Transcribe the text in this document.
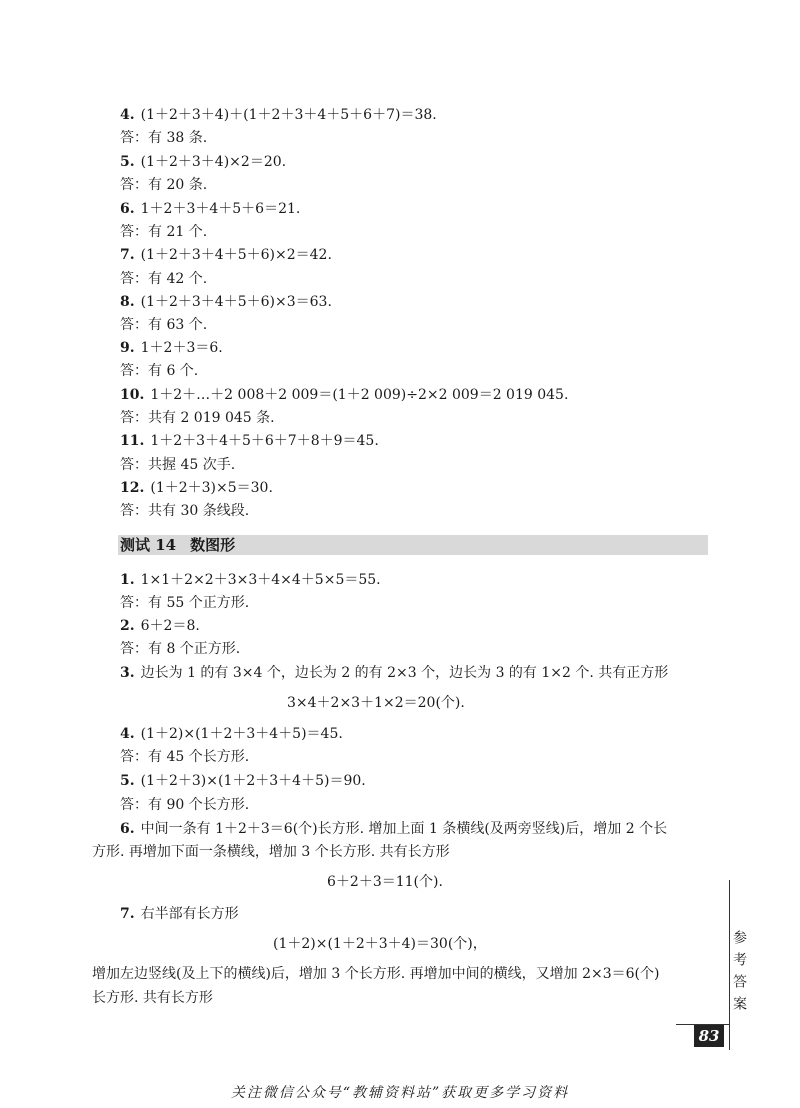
4. (1＋2＋3＋4)＋(1＋2＋3＋4＋5＋6＋7)＝38.
答：有 38 条.
5. (1＋2＋3＋4)×2＝20.
答：有 20 条.
6. 1＋2＋3＋4＋5＋6＝21.
答：有 21 个.
7. (1＋2＋3＋4＋5＋6)×2＝42.
答：有 42 个.
8. (1＋2＋3＋4＋5＋6)×3＝63.
答：有 63 个.
9. 1＋2＋3＝6.
答：有 6 个.
10. 1＋2＋…＋2 008＋2 009＝(1＋2 009)÷2×2 009＝2 019 045.
答：共有 2 019 045 条.
11. 1＋2＋3＋4＋5＋6＋7＋8＋9＝45.
答：共握 45 次手.
12. (1＋2＋3)×5＝30.
答：共有 30 条线段.
测试 14 数图形
1. 1×1＋2×2＋3×3＋4×4＋5×5＝55.
答：有 55 个正方形.
2. 6＋2＝8.
答：有 8 个正方形.
3. 边长为 1 的有 3×4 个，边长为 2 的有 2×3 个，边长为 3 的有 1×2 个. 共有正方形
3×4＋2×3＋1×2＝20(个).
4. (1＋2)×(1＋2＋3＋4＋5)＝45.
答：有 45 个长方形.
5. (1＋2＋3)×(1＋2＋3＋4＋5)＝90.
答：有 90 个长方形.
6. 中间一条有 1＋2＋3＝6(个)长方形. 增加上面 1 条横线(及两旁竖线)后，增加 2 个长
方形. 再增加下面一条横线，增加 3 个长方形. 共有长方形
6＋2＋3＝11(个).
7. 右半部有长方形
(1＋2)×(1＋2＋3＋4)＝30(个)，
增加左边竖线(及上下的横线)后，增加 3 个长方形. 再增加中间的横线，又增加 2×3＝6(个)
长方形. 共有长方形	参考答案
83
关注微信公众号“教辅资料站”获取更多学习资料
